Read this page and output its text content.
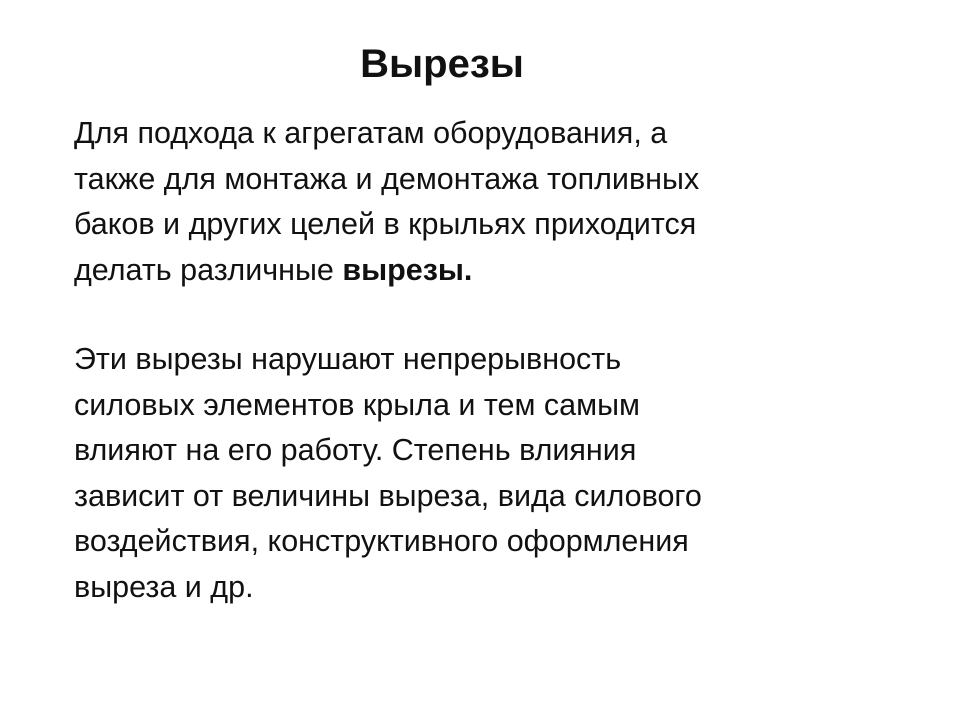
Вырезы

Для подхода к агрегатам оборудования, а
также для монтажа и демонтажа топливных
баков и других целей в крыльях приходится
делать различные вырезы.

Эти вырезы нарушают непрерывность
силовых элементов крыла и тем самым
влияют на его работу. Степень влияния
зависит от величины выреза, вида силового
воздействия, конструктивного оформления
выреза и др.
